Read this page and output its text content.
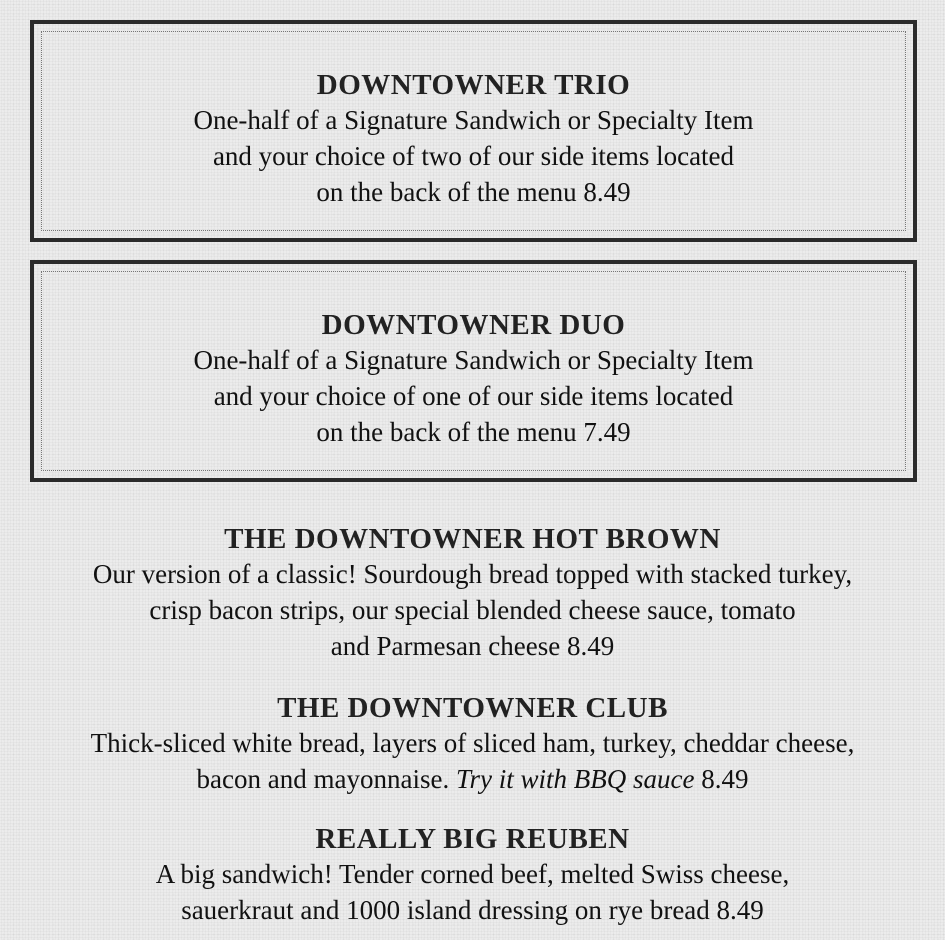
DOWNTOWNER TRIO

One-half of a Signature Sandwich or Specialty Item
and your choice of two of our side items located
on the back of the menu 8.49

DOWNTOWNER DUO

One-half of a Signature Sandwich or Specialty Item
and your choice of one of our side items located
on the back of the menu 7.49

THE DOWNTOWNER HOT BROWN

Our version of a classic! Sourdough bread topped with stacked turkey,
crisp bacon strips, our special blended cheese sauce, tomato
and Parmesan cheese 8.49

THE DOWNTOWNER CLUB

Thick-sliced white bread, layers of sliced ham, turkey, cheddar cheese,
bacon and mayonnaise. Try it with BBQ sauce 8.49

REALLY BIG REUBEN

A big sandwich! Tender corned beef, melted Swiss cheese,
sauerkraut and 1000 island dressing on rye bread 8.49
